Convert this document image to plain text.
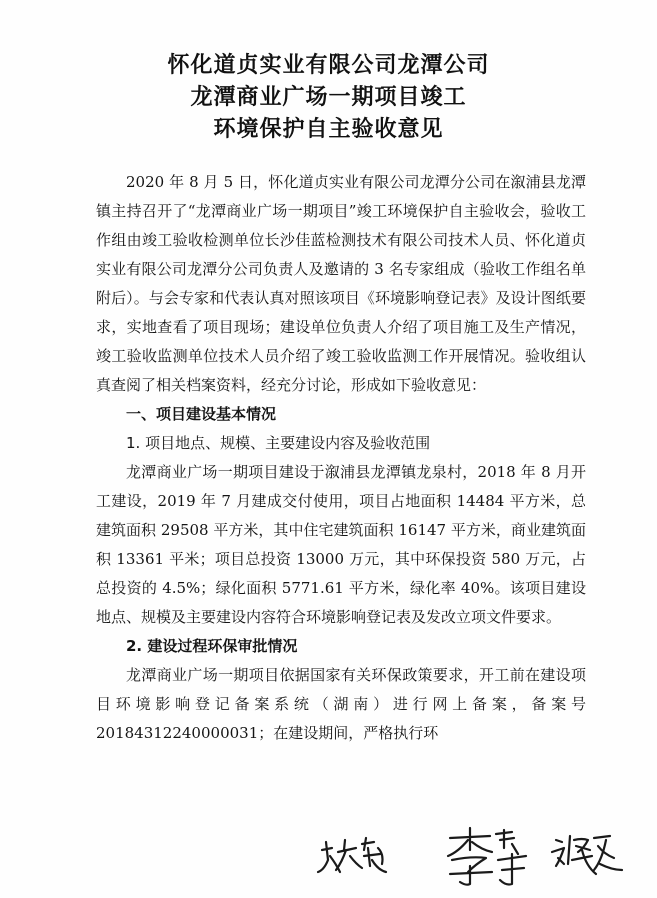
怀化道贞实业有限公司龙潭公司
龙潭商业广场一期项目竣工
环境保护自主验收意见

2020 年 8 月 5 日，怀化道贞实业有限公司龙潭分公司在溆浦县龙潭镇主持召开了“龙潭商业广场一期项目”竣工环境保护自主验收会，验收工作组由竣工验收检测单位长沙佳蓝检测技术有限公司技术人员、怀化道贞实业有限公司龙潭分公司负责人及邀请的 3 名专家组成（验收工作组名单附后）。与会专家和代表认真对照该项目《环境影响登记表》及设计图纸要求，实地查看了项目现场；建设单位负责人介绍了项目施工及生产情况，竣工验收监测单位技术人员介绍了竣工验收监测工作开展情况。验收组认真查阅了相关档案资料，经充分讨论，形成如下验收意见：

一、项目建设基本情况

1. 项目地点、规模、主要建设内容及验收范围

龙潭商业广场一期项目建设于溆浦县龙潭镇龙泉村，2018 年 8 月开工建设，2019 年 7 月建成交付使用，项目占地面积 14484 平方米，总建筑面积 29508 平方米，其中住宅建筑面积 16147 平方米，商业建筑面积 13361 平米；项目总投资 13000 万元，其中环保投资 580 万元，占总投资的 4.5%；绿化面积 5771.61 平方米，绿化率 40%。该项目建设地点、规模及主要建设内容符合环境影响登记表及发改立项文件要求。

2. 建设过程环保审批情况

龙潭商业广场一期项目依据国家有关环保政策要求，开工前在建设项目环境影响登记备案系统（湖南）进行网上备案，备案号 20184312240000031；在建设期间，严格执行环
